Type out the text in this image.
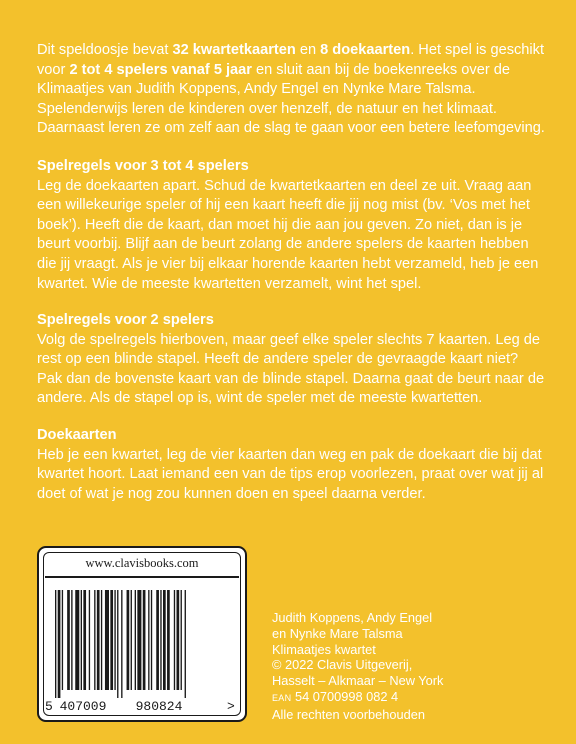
Dit speldoosje bevat 32 kwartetkaarten en 8 doekaarten. Het spel is geschikt voor 2 tot 4 spelers vanaf 5 jaar en sluit aan bij de boekenreeks over de Klimaatjes van Judith Koppens, Andy Engel en Nynke Mare Talsma. Spelenderwijs leren de kinderen over henzelf, de natuur en het klimaat. Daarnaast leren ze om zelf aan de slag te gaan voor een betere leefomgeving.

Spelregels voor 3 tot 4 spelers

Leg de doekaarten apart. Schud de kwartetkaarten en deel ze uit. Vraag aan een willekeurige speler of hij een kaart heeft die jij nog mist (bv. ‘Vos met het boek’). Heeft die de kaart, dan moet hij die aan jou geven. Zo niet, dan is je beurt voorbij. Blijf aan de beurt zolang de andere spelers de kaarten hebben die jij vraagt. Als je vier bij elkaar horende kaarten hebt verzameld, heb je een kwartet. Wie de meeste kwartetten verzamelt, wint het spel.

Spelregels voor 2 spelers

Volg de spelregels hierboven, maar geef elke speler slechts 7 kaarten. Leg de rest op een blinde stapel. Heeft de andere speler de gevraagde kaart niet? Pak dan de bovenste kaart van de blinde stapel. Daarna gaat de beurt naar de andere. Als de stapel op is, wint de speler met de meeste kwartetten.

Doekaarten

Heb je een kwartet, leg de vier kaarten dan weg en pak de doekaart die bij dat kwartet hoort. Laat iemand een van de tips erop voorlezen, praat over wat jij al doet of wat je nog zou kunnen doen en speel daarna verder.

www.clavisbooks.com
5 407009 980824	>
Judith Koppens, Andy Engel
en Nynke Mare Talsma
Klimaatjes kwartet
© 2022 Clavis Uitgeverij,
Hasselt – Alkmaar – New York
EAN 54 0700998 082 4
Alle rechten voorbehouden
